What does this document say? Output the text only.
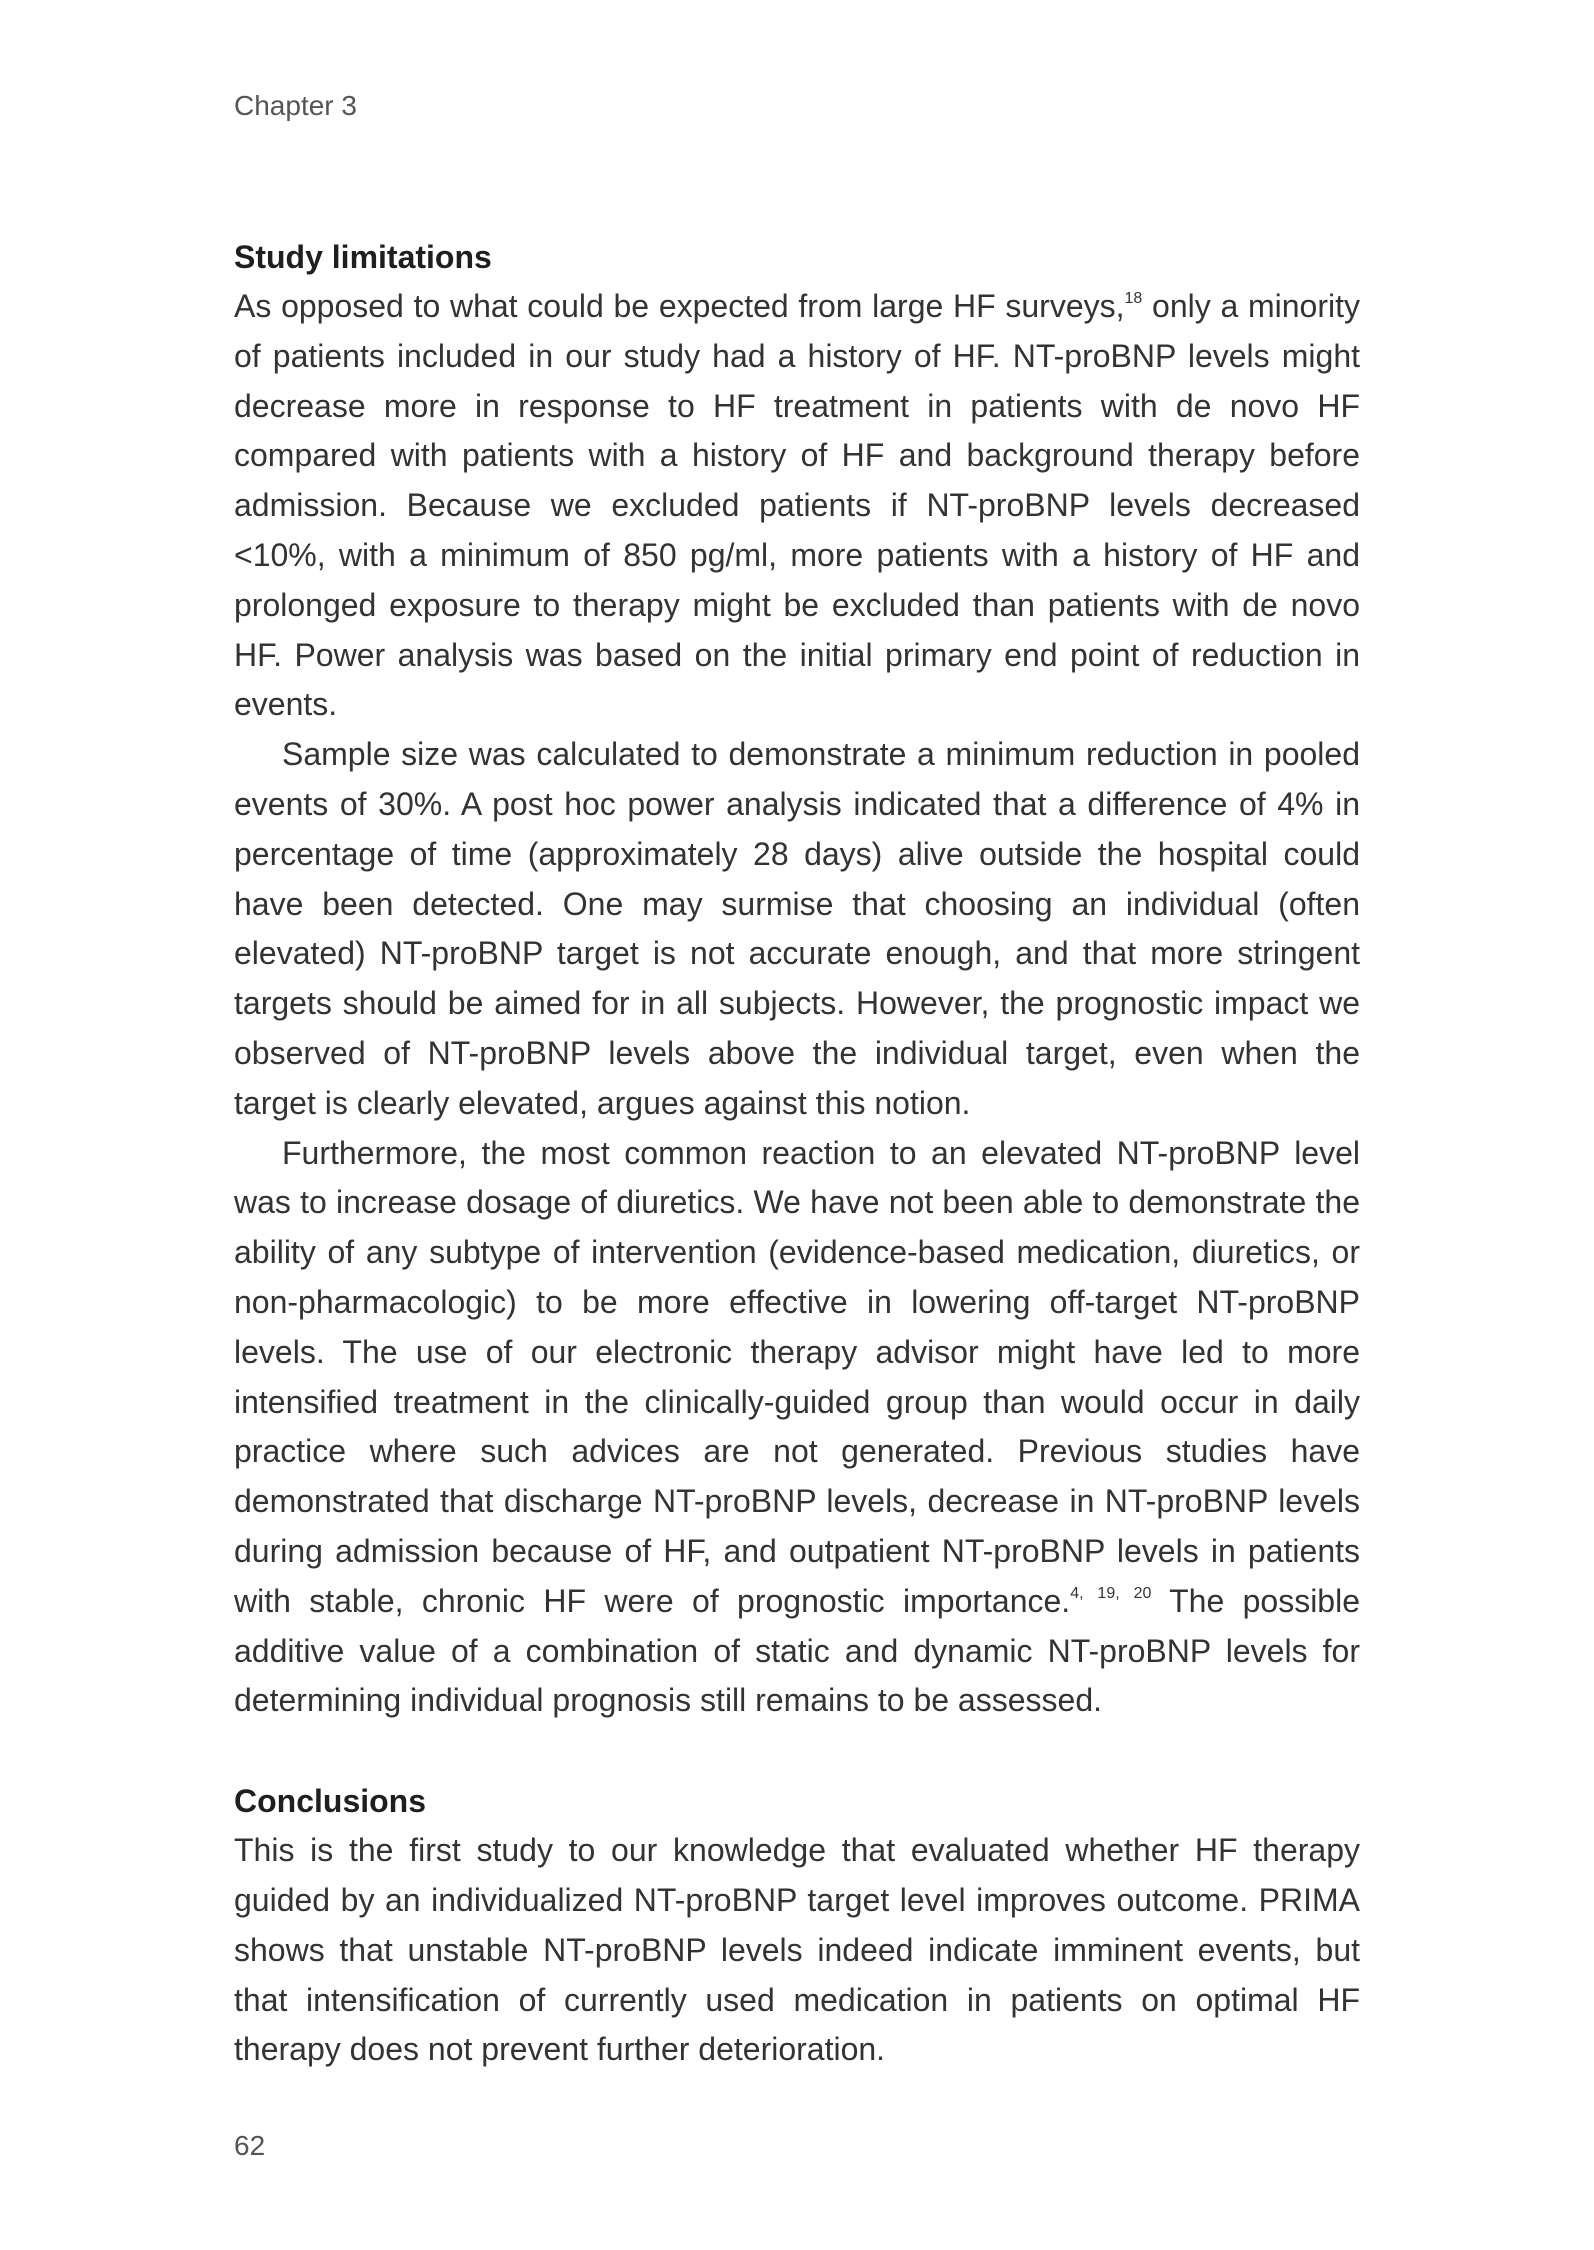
Chapter 3
Study limitations

As opposed to what could be expected from large HF surveys,$^{18}$ only a minority of patients included in our study had a history of HF. NT-proBNP levels might decrease more in response to HF treatment in patients with de novo HF compared with patients with a history of HF and background therapy before admission. Because we excluded patients if NT-proBNP levels decreased <10%, with a minimum of 850 pg/ml, more patients with a history of HF and prolonged exposure to therapy might be excluded than patients with de novo HF. Power analysis was based on the initial primary end point of reduction in events.

Sample size was calculated to demonstrate a minimum reduction in pooled events of 30%. A post hoc power analysis indicated that a difference of 4% in percentage of time (approximately 28 days) alive outside the hospital could have been detected. One may surmise that choosing an individual (often elevated) NT-proBNP target is not accurate enough, and that more stringent targets should be aimed for in all subjects. However, the prognostic impact we observed of NT-proBNP levels above the individual target, even when the target is clearly elevated, argues against this notion.

Furthermore, the most common reaction to an elevated NT-proBNP level was to increase dosage of diuretics. We have not been able to demonstrate the ability of any subtype of intervention (evidence-based medication, diuretics, or non-pharmacologic) to be more effective in lowering off-target NT-proBNP levels. The use of our electronic therapy advisor might have led to more intensified treatment in the clinically-guided group than would occur in daily practice where such advices are not generated. Previous studies have demonstrated that discharge NT-proBNP levels, decrease in NT-proBNP levels during admission because of HF, and outpatient NT-proBNP levels in patients with stable, chronic HF were of prognostic importance.$^{4, 19, 20}$ The possible additive value of a combination of static and dynamic NT-proBNP levels for determining individual prognosis still remains to be assessed.

Conclusions

This is the first study to our knowledge that evaluated whether HF therapy guided by an individualized NT-proBNP target level improves outcome. PRIMA shows that unstable NT-proBNP levels indeed indicate imminent events, but that intensification of currently used medication in patients on optimal HF therapy does not prevent further deterioration.

62
